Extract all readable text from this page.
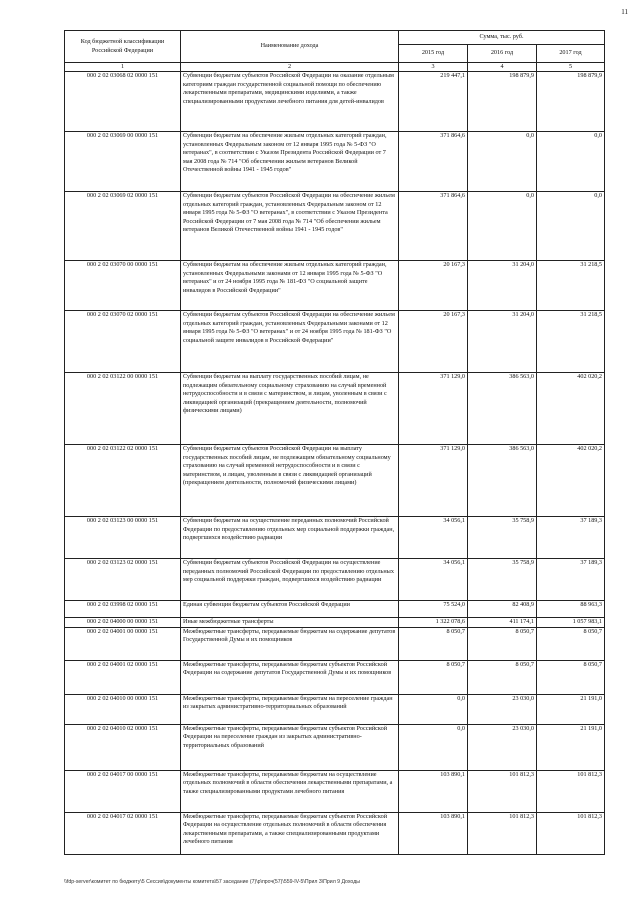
11
Код бюджетной классификации Российской Федерации	Наименование дохода	Сумма, тыс. руб.		
		2015 год	2016 год	2017 год
1	2	3	4	5
000 2 02 03068 02 0000 151	Субвенции бюджетам субъектов Российской Федерации на оказание отдельным категориям граждан государственной социальной помощи по обеспечению лекарственными препаратами, медицинскими изделиями, а также специализированными продуктами лечебного питания для детей-инвалидов	219 447,1	198 879,9	198 879,9
000 2 02 03069 00 0000 151	Субвенции бюджетам на обеспечение жильем отдельных категорий граждан, установленных Федеральным законом от 12 января 1995 года № 5-ФЗ "О ветеранах", в соответствии с Указом Президента Российской Федерации от 7 мая 2008 года № 714 "Об обеспечении жильем ветеранов Великой Отечественной войны 1941 - 1945 годов"	371 864,6	0,0	0,0
000 2 02 03069 02 0000 151	Субвенции бюджетам субъектов Российской Федерации на обеспечение жильем отдельных категорий граждан, установленных Федеральным законом от 12 января 1995 года № 5-ФЗ "О ветеранах", в соответствии с Указом Президента Российской Федерации от 7 мая 2008 года № 714 "Об обеспечении жильем ветеранов Великой Отечественной войны 1941 - 1945 годов"	371 864,6	0,0	0,0
000 2 02 03070 00 0000 151	Субвенции бюджетам на обеспечение жильем отдельных категорий граждан, установленных Федеральными законами от 12 января 1995 года № 5-ФЗ "О ветеранах" и от 24 ноября 1995 года № 181-ФЗ "О социальной защите инвалидов в Российской Федерации"	20 167,3	31 204,0	31 218,5
000 2 02 03070 02 0000 151	Субвенции бюджетам субъектов Российской Федерации на обеспечение жильем отдельных категорий граждан, установленных Федеральными законами от 12 января 1995 года № 5-ФЗ "О ветеранах" и от 24 ноября 1995 года № 181-ФЗ "О социальной защите инвалидов в Российской Федерации"	20 167,3	31 204,0	31 218,5
000 2 02 03122 00 0000 151	Субвенции бюджетам на выплату государственных пособий лицам, не подлежащим обязательному социальному страхованию на случай временной нетрудоспособности и в связи с материнством, и лицам, уволенным в связи с ликвидацией организаций (прекращением деятельности, полномочий физическими лицами)	371 129,0	386 563,0	402 020,2
000 2 02 03122 02 0000 151	Субвенции бюджетам субъектов Российской Федерации на выплату государственных пособий лицам, не подлежащим обязательному социальному страхованию на случай временной нетрудоспособности и в связи с материнством, и лицам, уволенным в связи с ликвидацией организаций (прекращением деятельности, полномочий физическими лицами)	371 129,0	386 563,0	402 020,2
000 2 02 03123 00 0000 151	Субвенции бюджетам на осуществление переданных полномочий Российской Федерации по предоставлению отдельных мер социальной поддержки граждан, подвергшихся воздействию радиации	34 056,1	35 758,9	37 189,3
000 2 02 03123 02 0000 151	Субвенции бюджетам субъектов Российской Федерации на осуществление переданных полномочий Российской Федерации по предоставлению отдельных мер социальной поддержки граждан, подвергшихся воздействию радиации	34 056,1	35 758,9	37 189,3
000 2 02 03998 02 0000 151	Единая субвенция бюджетам субъектов Российской Федерации	75 524,0	82 408,9	88 963,3
000 2 02 04000 00 0000 151	Иные межбюджетные трансферты	1 322 078,6	411 174,1	1 057 983,1
000 2 02 04001 00 0000 151	Межбюджетные трансферты, передаваемые бюджетам на содержание депутатов Государственной Думы и их помощников	8 050,7	8 050,7	8 050,7
000 2 02 04001 02 0000 151	Межбюджетные трансферты, передаваемые бюджетам субъектов Российской Федерации на содержание депутатов Государственной Думы и их помощников	8 050,7	8 050,7	8 050,7
000 2 02 04010 00 0000 151	Межбюджетные трансферты, передаваемые бюджетам на переселение граждан из закрытых административно-территориальных образований	0,0	23 030,0	21 191,0
000 2 02 04010 02 0000 151	Межбюджетные трансферты, передаваемые бюджетам субъектов Российской Федерации на переселение граждан из закрытых административно-территориальных образований	0,0	23 030,0	21 191,0
000 2 02 04017 00 0000 151	Межбюджетные трансферты, передаваемые бюджетам на осуществление отдельных полномочий в области обеспечения лекарственными препаратами, а также специализированными продуктами лечебного питания	103 890,1	101 812,3	101 812,3
000 2 02 04017 02 0000 151	Межбюджетные трансферты, передаваемые бюджетам субъектов Российской Федерации на осуществление отдельных полномочий в области обеспечения лекарственными препаратами, а также специализированными продуктами лечебного питания	103 890,1	101 812,3	101 812,3
\\fdp-server\комитет по бюджету\5 Сессия\документы комитета\57 заседание (7)\р\проч(57)\559-IV-5\Прил 3\Прил 9 Доходы
